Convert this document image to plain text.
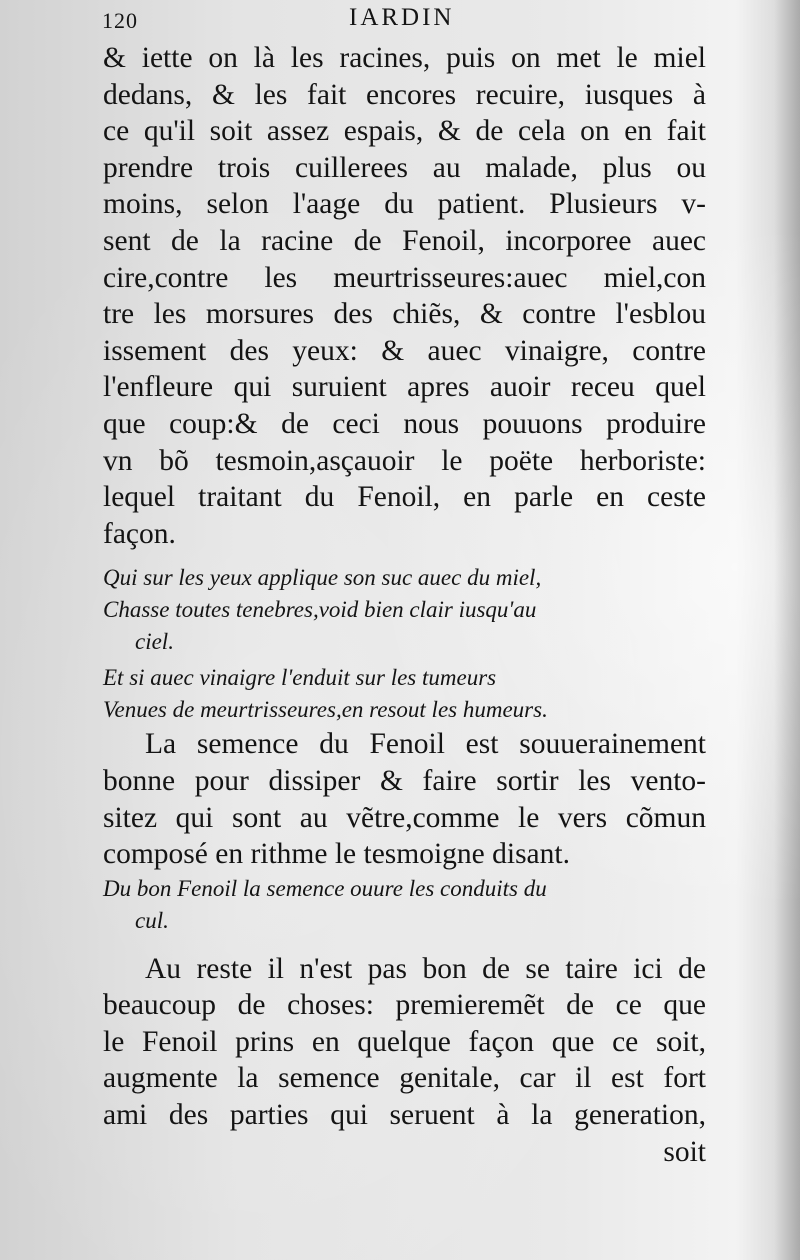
120	IARDIN
& iette on là les racines, puis on met le miel
dedans, & les fait encores recuire, iusques à
ce qu'il soit assez espais, & de cela on en fait
prendre trois cuillerees au malade, plus ou
moins, selon l'aage du patient. Plusieurs v-
sent de la racine de Fenoil, incorporee auec
cire,contre les meurtrisseures:auec miel,con
tre les morsures des chiẽs, & contre l'esblou
issement des yeux: & auec vinaigre, contre
l'enfleure qui suruient apres auoir receu quel
que coup:& de ceci nous pouuons produire
vn bõ tesmoin,asçauoir le poëte herboriste:
lequel traitant du Fenoil, en parle en ceste
façon.
Qui sur les yeux applique son suc auec du miel,
Chasse toutes tenebres,void bien clair iusqu'au
ciel.
Et si auec vinaigre l'enduit sur les tumeurs
Venues de meurtrisseures,en resout les humeurs.
La semence du Fenoil est souuerainement
bonne pour dissiper & faire sortir les vento-
sitez qui sont au vẽtre,comme le vers cõmun
composé en rithme le tesmoigne disant.
Du bon Fenoil la semence ouure les conduits du
cul.
Au reste il n'est pas bon de se taire ici de
beaucoup de choses: premieremẽt de ce que
le Fenoil prins en quelque façon que ce soit,
augmente la semence genitale, car il est fort
ami des parties qui seruent à la generation,
soit
